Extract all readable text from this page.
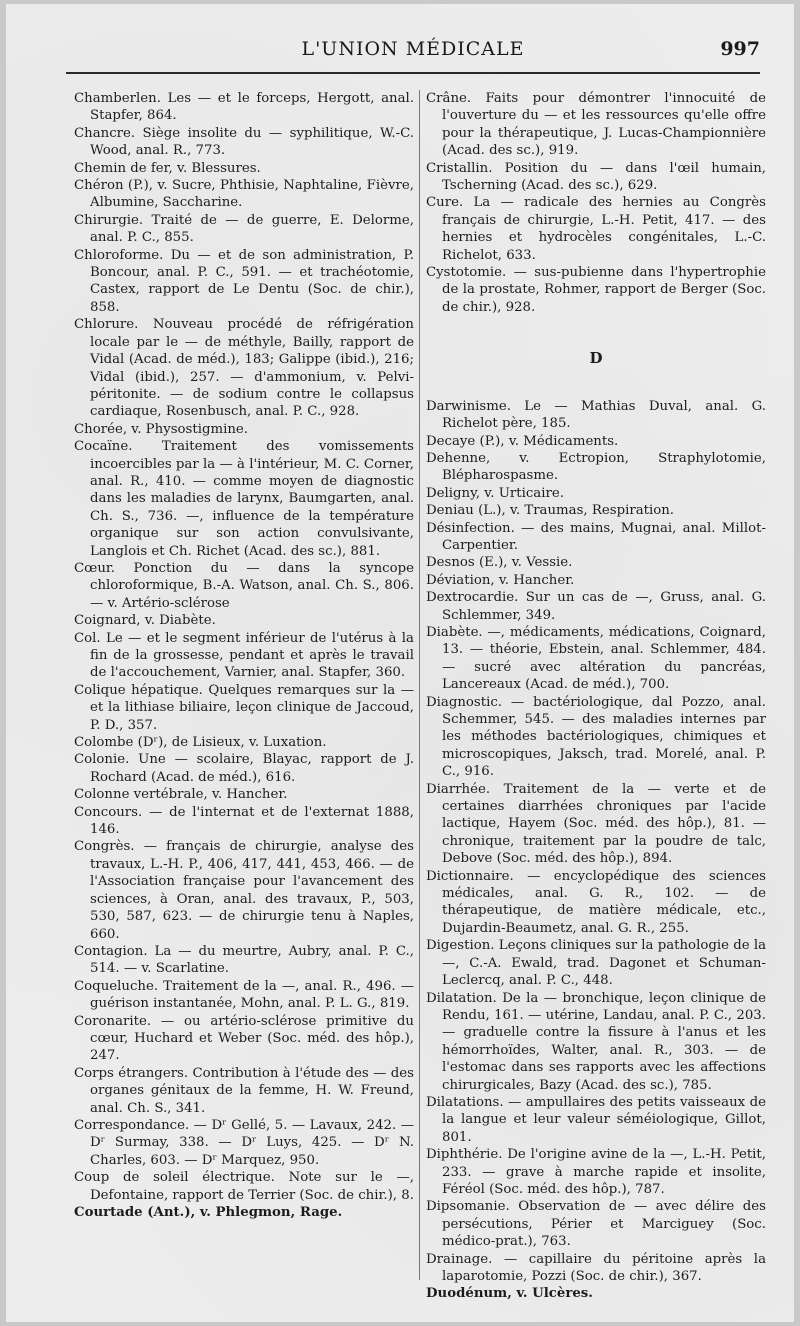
L'UNION MÉDICALE	997

Chamberlen. Les — et le forceps, Hergott, anal. Stapfer, 864.

Chancre. Siège insolite du — syphilitique, W.-C. Wood, anal. R., 773.

Chemin de fer, v. Blessures.

Chéron (P.), v. Sucre, Phthisie, Naphtaline, Fièvre, Albumine, Saccharine.

Chirurgie. Traité de — de guerre, E. Delorme, anal. P. C., 855.

Chloroforme. Du — et de son administration, P. Boncour, anal. P. C., 591. — et trachéotomie, Castex, rapport de Le Dentu (Soc. de chir.), 858.

Chlorure. Nouveau procédé de réfrigération locale par le — de méthyle, Bailly, rapport de Vidal (Acad. de méd.), 183; Galippe (ibid.), 216; Vidal (ibid.), 257. — d'ammonium, v. Pelvi-péritonite. — de sodium contre le collapsus cardiaque, Rosenbusch, anal. P. C., 928.

Chorée, v. Physostigmine.

Cocaïne. Traitement des vomissements incoercibles par la — à l'intérieur, M. C. Corner, anal. R., 410. — comme moyen de diagnostic dans les maladies de larynx, Baumgarten, anal. Ch. S., 736. —, influence de la température organique sur son action convulsivante, Langlois et Ch. Richet (Acad. des sc.), 881.

Cœur. Ponction du — dans la syncope chloroformique, B.-A. Watson, anal. Ch. S., 806. — v. Artério-sclérose

Coignard, v. Diabète.

Col. Le — et le segment inférieur de l'utérus à la fin de la grossesse, pendant et après le travail de l'accouchement, Varnier, anal. Stapfer, 360.

Colique hépatique. Quelques remarques sur la — et la lithiase biliaire, leçon clinique de Jaccoud, P. D., 357.

Colombe (Dʳ), de Lisieux, v. Luxation.

Colonie. Une — scolaire, Blayac, rapport de J. Rochard (Acad. de méd.), 616.

Colonne vertébrale, v. Hancher.

Concours. — de l'internat et de l'externat 1888, 146.

Congrès. — français de chirurgie, analyse des travaux, L.-H. P., 406, 417, 441, 453, 466. — de l'Association française pour l'avancement des sciences, à Oran, anal. des travaux, P., 503, 530, 587, 623. — de chirurgie tenu à Naples, 660.

Contagion. La — du meurtre, Aubry, anal. P. C., 514. — v. Scarlatine.

Coqueluche. Traitement de la —, anal. R., 496. — guérison instantanée, Mohn, anal. P. L. G., 819.

Coronarite. — ou artério-sclérose primitive du cœur, Huchard et Weber (Soc. méd. des hôp.), 247.

Corps étrangers. Contribution à l'étude des — des organes génitaux de la femme, H. W. Freund, anal. Ch. S., 341.

Correspondance. — Dʳ Gellé, 5. — Lavaux, 242. — Dʳ Surmay, 338. — Dʳ Luys, 425. — Dʳ N. Charles, 603. — Dʳ Marquez, 950.

Coup de soleil électrique. Note sur le —, Defontaine, rapport de Terrier (Soc. de chir.), 8.

Courtade (Ant.), v. Phlegmon, Rage.

Crâne. Faits pour démontrer l'innocuité de l'ouverture du — et les ressources qu'elle offre pour la thérapeutique, J. Lucas-Championnière (Acad. des sc.), 919.

Cristallin. Position du — dans l'œil humain, Tscherning (Acad. des sc.), 629.

Cure. La — radicale des hernies au Congrès français de chirurgie, L.-H. Petit, 417. — des hernies et hydrocèles congénitales, L.-C. Richelot, 633.

Cystotomie. — sus-pubienne dans l'hypertrophie de la prostate, Rohmer, rapport de Berger (Soc. de chir.), 928.

D

Darwinisme. Le — Mathias Duval, anal. G. Richelot père, 185.

Decaye (P.), v. Médicaments.

Dehenne, v. Ectropion, Straphylotomie, Blépharospasme.

Deligny, v. Urticaire.

Deniau (L.), v. Traumas, Respiration.

Désinfection. — des mains, Mugnai, anal. Millot-Carpentier.

Desnos (E.), v. Vessie.

Déviation, v. Hancher.

Dextrocardie. Sur un cas de —, Gruss, anal. G. Schlemmer, 349.

Diabète. —, médicaments, médications, Coignard, 13. — théorie, Ebstein, anal. Schlemmer, 484. — sucré avec altération du pancréas, Lancereaux (Acad. de méd.), 700.

Diagnostic. — bactériologique, dal Pozzo, anal. Schemmer, 545. — des maladies internes par les méthodes bactériologiques, chimiques et microscopiques, Jaksch, trad. Morelé, anal. P. C., 916.

Diarrhée. Traitement de la — verte et de certaines diarrhées chroniques par l'acide lactique, Hayem (Soc. méd. des hôp.), 81. — chronique, traitement par la poudre de talc, Debove (Soc. méd. des hôp.), 894.

Dictionnaire. — encyclopédique des sciences médicales, anal. G. R., 102. — de thérapeutique, de matière médicale, etc., Dujardin-Beaumetz, anal. G. R., 255.

Digestion. Leçons cliniques sur la pathologie de la —, C.-A. Ewald, trad. Dagonet et Schuman-Leclercq, anal. P. C., 448.

Dilatation. De la — bronchique, leçon clinique de Rendu, 161. — utérine, Landau, anal. P. C., 203. — graduelle contre la fissure à l'anus et les hémorrhoïdes, Walter, anal. R., 303. — de l'estomac dans ses rapports avec les affections chirurgicales, Bazy (Acad. des sc.), 785.

Dilatations. — ampullaires des petits vaisseaux de la langue et leur valeur séméiologique, Gillot, 801.

Diphthérie. De l'origine avine de la —, L.-H. Petit, 233. — grave à marche rapide et insolite, Féréol (Soc. méd. des hôp.), 787.

Dipsomanie. Observation de — avec délire des persécutions, Périer et Marciguey (Soc. médico-prat.), 763.

Drainage. — capillaire du péritoine après la laparotomie, Pozzi (Soc. de chir.), 367.

Duodénum, v. Ulcères.
